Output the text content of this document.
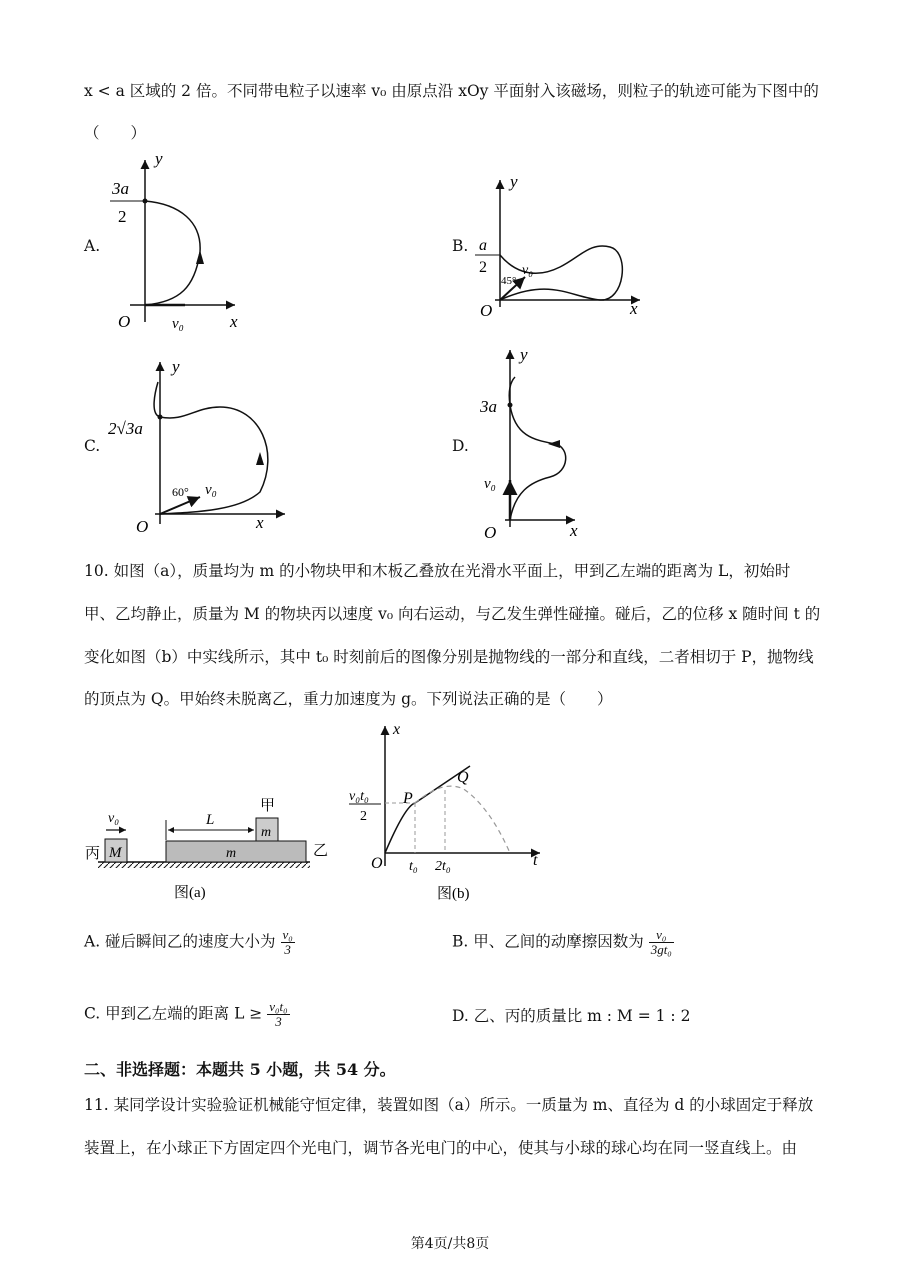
x < a 区域的 2 倍。不同带电粒子以速率 v₀ 由原点沿 xOy 平面射入该磁场，则粒子的轨迹可能为下图中的
（　　）
A.
y
x
O	v₀
3a
2
B.
y
x
O
v₀
45°
a
2
C.
y
x
O
v₀
60°
2√3a
D.
y
x
O
v₀
3a
10. 如图（a），质量均为 m 的小物块甲和木板乙叠放在光滑水平面上，甲到乙左端的距离为 L，初始时
甲、乙均静止，质量为 M 的物块丙以速度 v₀ 向右运动，与乙发生弹性碰撞。碰后，乙的位移 x 随时间 t 的
变化如图（b）中实线所示，其中 t₀ 时刻前后的图像分别是抛物线的一部分和直线，二者相切于 P，抛物线
的顶点为 Q。甲始终未脱离乙，重力加速度为 g。下列说法正确的是（　　）
v₀
丙 M
甲
m
乙
m
L
图(a)
x
t
O
P
Q
v₀t₀
2
t₀ 2t₀
图(b)
A. 碰后瞬间乙的速度大小为 $\frac{\text{v₀}}{3}$	B. 甲、乙间的动摩擦因数为 $\frac{\text{v₀}}{\text{3gt₀}}$
C. 甲到乙左端的距离 $L \ge \frac{\text{v₀t₀}}{3}$	D. 乙、丙的质量比 m : M = 1 : 2
二、非选择题：本题共 5 小题，共 54 分。
11. 某同学设计实验验证机械能守恒定律，装置如图（a）所示。一质量为 m、直径为 d 的小球固定于释放
装置上，在小球正下方固定四个光电门，调节各光电门的中心，使其与小球的球心均在同一竖直线上。由
第4页/共8页
